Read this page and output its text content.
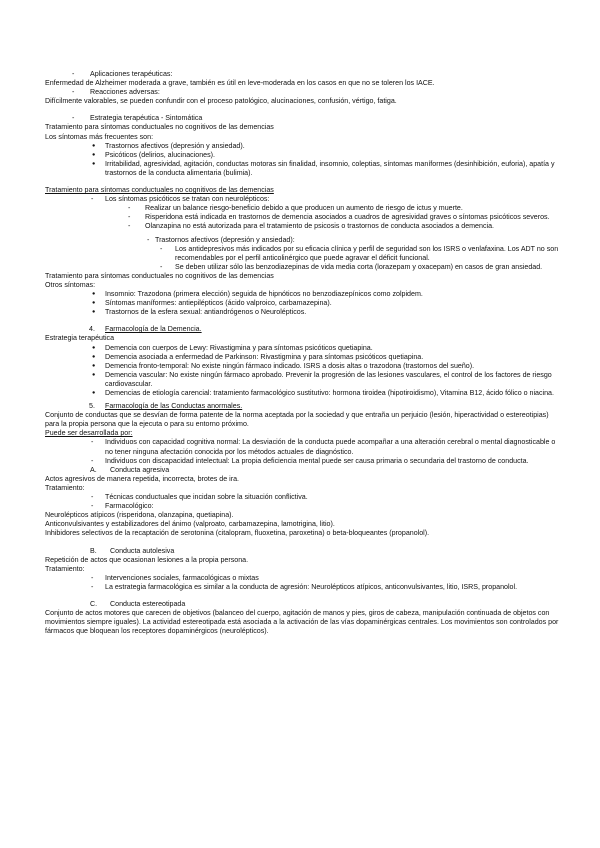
- Aplicaciones terapéuticas:

Enfermedad de Alzheimer moderada a grave, también es útil en leve-moderada en los casos en que no se toleren los IACE.

- Reacciones adversas:

Difícilmente valorables, se pueden confundir con el proceso patológico, alucinaciones, confusión, vértigo, fatiga.

- Estrategia terapéutica - Sintomática

Tratamiento para síntomas conductuales no cognitivos de las demencias

Los síntomas más frecuentes son:

● Trastornos afectivos (depresión y ansiedad).
● Psicóticos (delirios, alucinaciones).
● Irritabilidad, agresividad, agitación, conductas motoras sin finalidad, insomnio, coleptias, síntomas maníformes (desinhibición, euforia), apatía y trastornos de la conducta alimentaria (bulimia).

Tratamiento para síntomas conductuales no cognitivos de las demencias

- Los síntomas psicóticos se tratan con neurolépticos:
- Realizar un balance riesgo-beneficio debido a que producen un aumento de riesgo de ictus y muerte.
- Risperidona está indicada en trastornos de demencia asociados a cuadros de agresividad graves o síntomas psicóticos severos.
- Olanzapina no está autorizada para el tratamiento de psicosis o trastornos de conducta asociados a demencia.

- Trastornos afectivos (depresión y ansiedad):

- Los antidepresivos más indicados por su eficacia clínica y perfil de seguridad son los ISRS o venlafaxina. Los ADT no son recomendables por el perfil anticolinérgico que puede agravar el déficit funcional.
- Se deben utilizar sólo las benzodiazepinas de vida media corta (lorazepam y oxacepam) en casos de gran ansiedad.

Tratamiento para síntomas conductuales no cognitivos de las demencias

Otros síntomas:

● Insomnio: Trazodona (primera elección) seguida de hipnóticos no benzodiazepínicos como zolpidem.
● Síntomas maníformes: antiepilépticos (ácido valproico, carbamazepina).
● Trastornos de la esfera sexual: antiandrógenos o Neurolépticos.

4. Farmacología de la Demencia.

Estrategia terapéutica

● Demencia con cuerpos de Lewy: Rivastigmina y para síntomas psicóticos quetiapina.
● Demencia asociada a enfermedad de Parkinson: Rivastigmina y para síntomas psicóticos quetiapina.
● Demencia fronto-temporal: No existe ningún fármaco indicado. ISRS a dosis altas o trazodona (trastornos del sueño).
● Demencia vascular: No existe ningún fármaco aprobado. Prevenir la progresión de las lesiones vasculares, el control de los factores de riesgo cardiovascular.
● Demencias de etiología carencial: tratamiento farmacológico sustitutivo: hormona tiroidea (hipotiroidismo), Vitamina B12, ácido fólico o niacina.

5. Farmacología de las Conductas anormales.

Conjunto de conductas que se desvían de forma patente de la norma aceptada por la sociedad y que entraña un perjuicio (lesión, hiperactividad o estereotipias) para la propia persona que la ejecuta o para su entorno próximo.

Puede ser desarrollada por:

- Individuos con capacidad cognitiva normal: La desviación de la conducta puede acompañar a una alteración cerebral o mental diagnosticable o no tener ninguna afectación conocida por los métodos actuales de diagnóstico.
- Individuos con discapacidad intelectual: La propia deficiencia mental puede ser causa primaria o secundaria del trastorno de conducta.

A. Conducta agresiva

Actos agresivos de manera repetida, incorrecta, brotes de ira.

Tratamiento:

- Técnicas conductuales que incidan sobre la situación conflictiva.
- Farmacológico:

Neurolépticos atípicos (risperidona, olanzapina, quetiapina).

Anticonvulsivantes y estabilizadores del ánimo (valproato, carbamazepina, lamotrigina, litio).

Inhibidores selectivos de la recaptación de serotonina (citalopram, fluoxetina, paroxetina) o beta-bloqueantes (propanolol).

B. Conducta autolesiva

Repetición de actos que ocasionan lesiones a la propia persona.

Tratamiento:

- Intervenciones sociales, farmacológicas o mixtas
- La estrategia farmacológica es similar a la conducta de agresión: Neurolépticos atípicos, anticonvulsivantes, litio, ISRS, propanolol.

C. Conducta estereotipada

Conjunto de actos motores que carecen de objetivos (balanceo del cuerpo, agitación de manos y pies, giros de cabeza, manipulación continuada de objetos con movimientos siempre iguales). La actividad estereotipada está asociada a la activación de las vías dopaminérgicas centrales. Los movimientos son controlados por fármacos que bloquean los receptores dopaminérgicos (neurolépticos).
